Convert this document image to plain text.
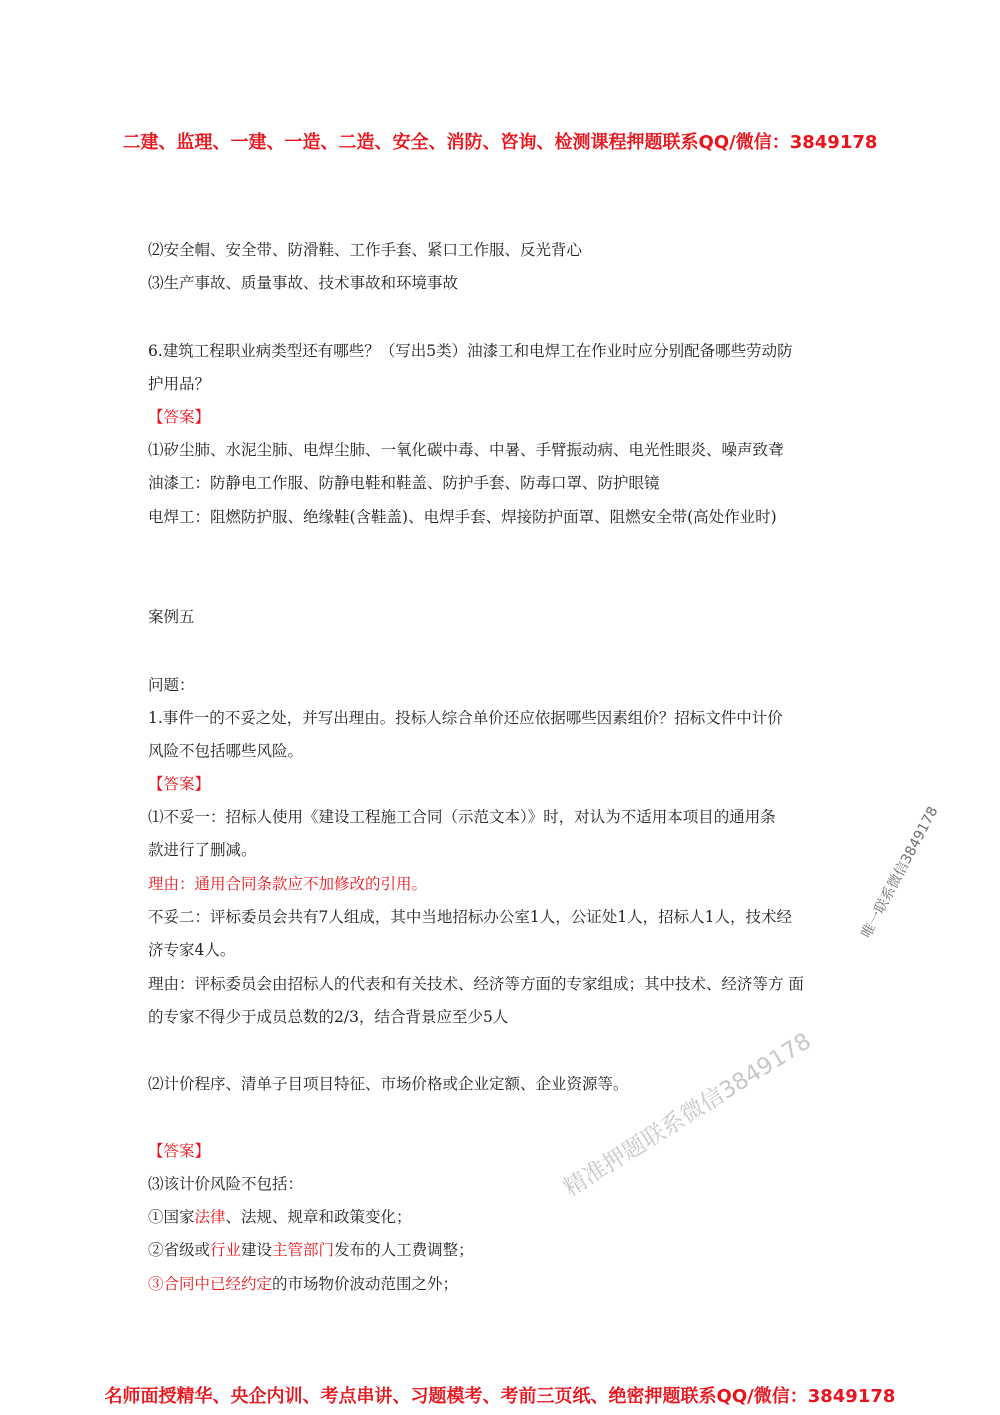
二建、监理、一建、一造、二造、安全、消防、咨询、检测课程押题联系QQ/微信：3849178
⑵安全帽、安全带、防滑鞋、工作手套、紧口工作服、反光背心
⑶生产事故、质量事故、技术事故和环境事故
6.建筑工程职业病类型还有哪些？（写出5类）油漆工和电焊工在作业时应分别配备哪些劳动防
护用品？
【答案】
⑴矽尘肺、水泥尘肺、电焊尘肺、一氧化碳中毒、中暑、手臂振动病、电光性眼炎、噪声致聋
油漆工：防静电工作服、防静电鞋和鞋盖、防护手套、防毒口罩、防护眼镜
电焊工：阻燃防护服、绝缘鞋(含鞋盖)、电焊手套、焊接防护面罩、阻燃安全带(高处作业时)
案例五
问题：
1.事件一的不妥之处，并写出理由。投标人综合单价还应依据哪些因素组价？招标文件中计价
风险不包括哪些风险。
【答案】
⑴不妥一：招标人使用《建设工程施工合同（示范文本）》时，对认为不适用本项目的通用条
款进行了删减。
理由：通用合同条款应不加修改的引用。
不妥二：评标委员会共有7人组成，其中当地招标办公室1人，公证处1人，招标人1人，技术经
济专家4人。
理由：评标委员会由招标人的代表和有关技术、经济等方面的专家组成；其中技术、经济等方 面
的专家不得少于成员总数的2/3，结合背景应至少5人
⑵计价程序、清单子目项目特征、市场价格或企业定额、企业资源等。
【答案】
⑶该计价风险不包括：
①国家法律、法规、规章和政策变化；
②省级或行业建设主管部门发布的人工费调整；
③合同中已经约定的市场物价波动范围之外；
精准押题联系微信3849178
唯一联系微信3849178
名师面授精华、央企内训、考点串讲、习题模考、考前三页纸、绝密押题联系QQ/微信：3849178
